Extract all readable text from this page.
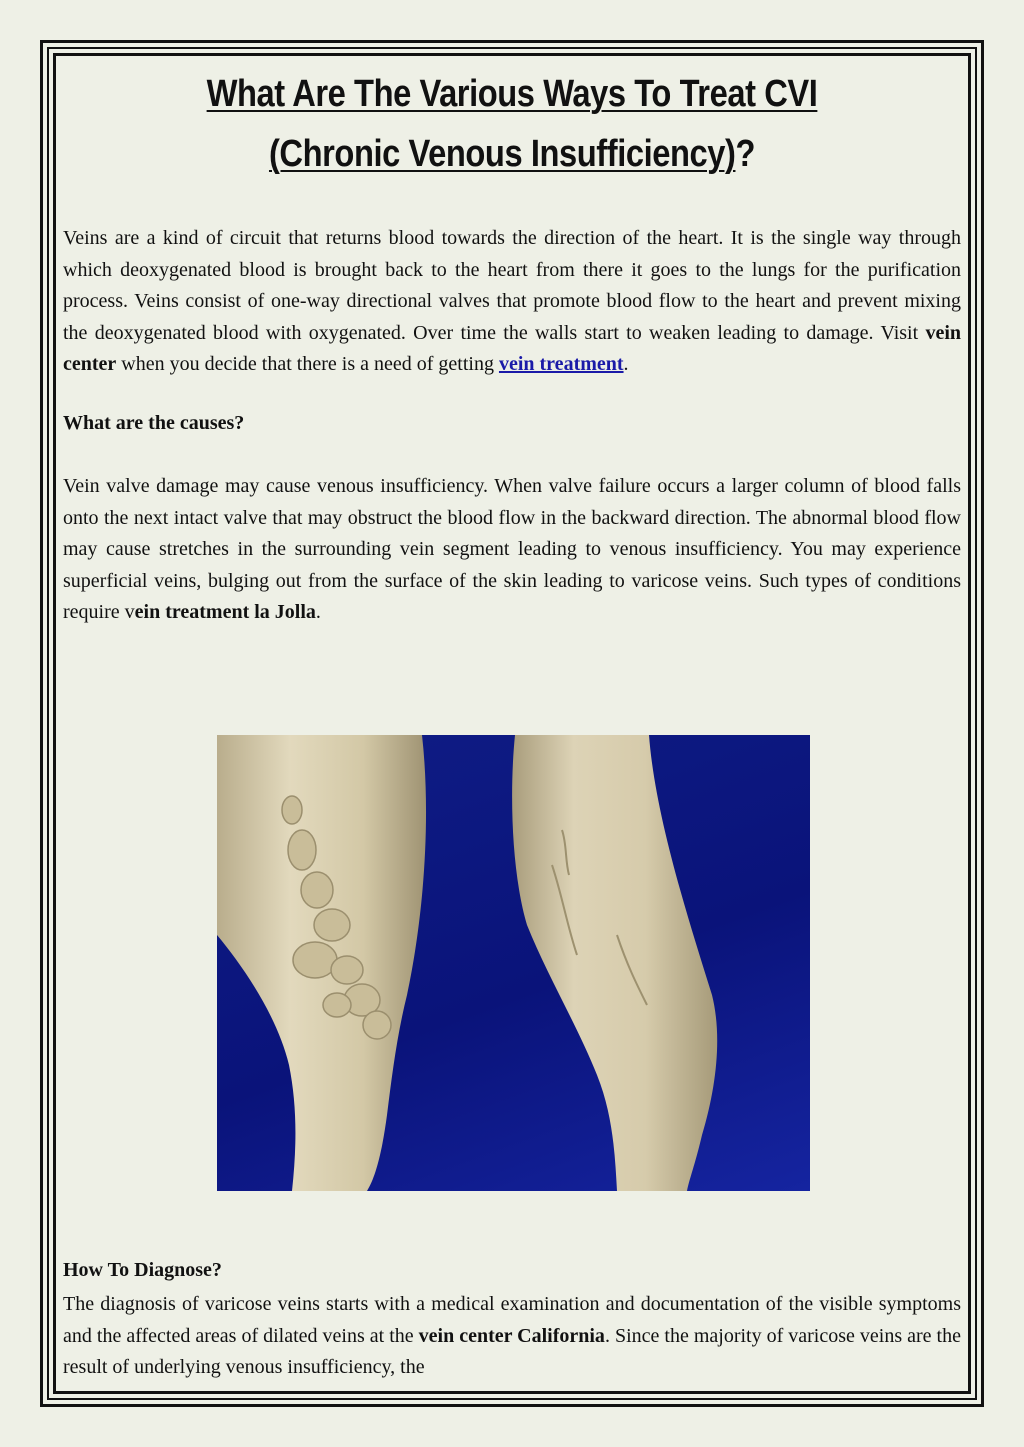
What Are The Various Ways To Treat CVI
(Chronic Venous Insufficiency)?

Veins are a kind of circuit that returns blood towards the direction of the heart. It is the single way through which deoxygenated blood is brought back to the heart from there it goes to the lungs for the purification process. Veins consist of one-way directional valves that promote blood flow to the heart and prevent mixing the deoxygenated blood with oxygenated. Over time the walls start to weaken leading to damage. Visit vein center when you decide that there is a need of getting vein treatment.

What are the causes?

Vein valve damage may cause venous insufficiency. When valve failure occurs a larger column of blood falls onto the next intact valve that may obstruct the blood flow in the backward direction. The abnormal blood flow may cause stretches in the surrounding vein segment leading to venous insufficiency. You may experience superficial veins, bulging out from the surface of the skin leading to varicose veins. Such types of conditions require vein treatment la Jolla.

How To Diagnose?

The diagnosis of varicose veins starts with a medical examination and documentation of the visible symptoms and the affected areas of dilated veins at the vein center California. Since the majority of varicose veins are the result of underlying venous insufficiency, the
